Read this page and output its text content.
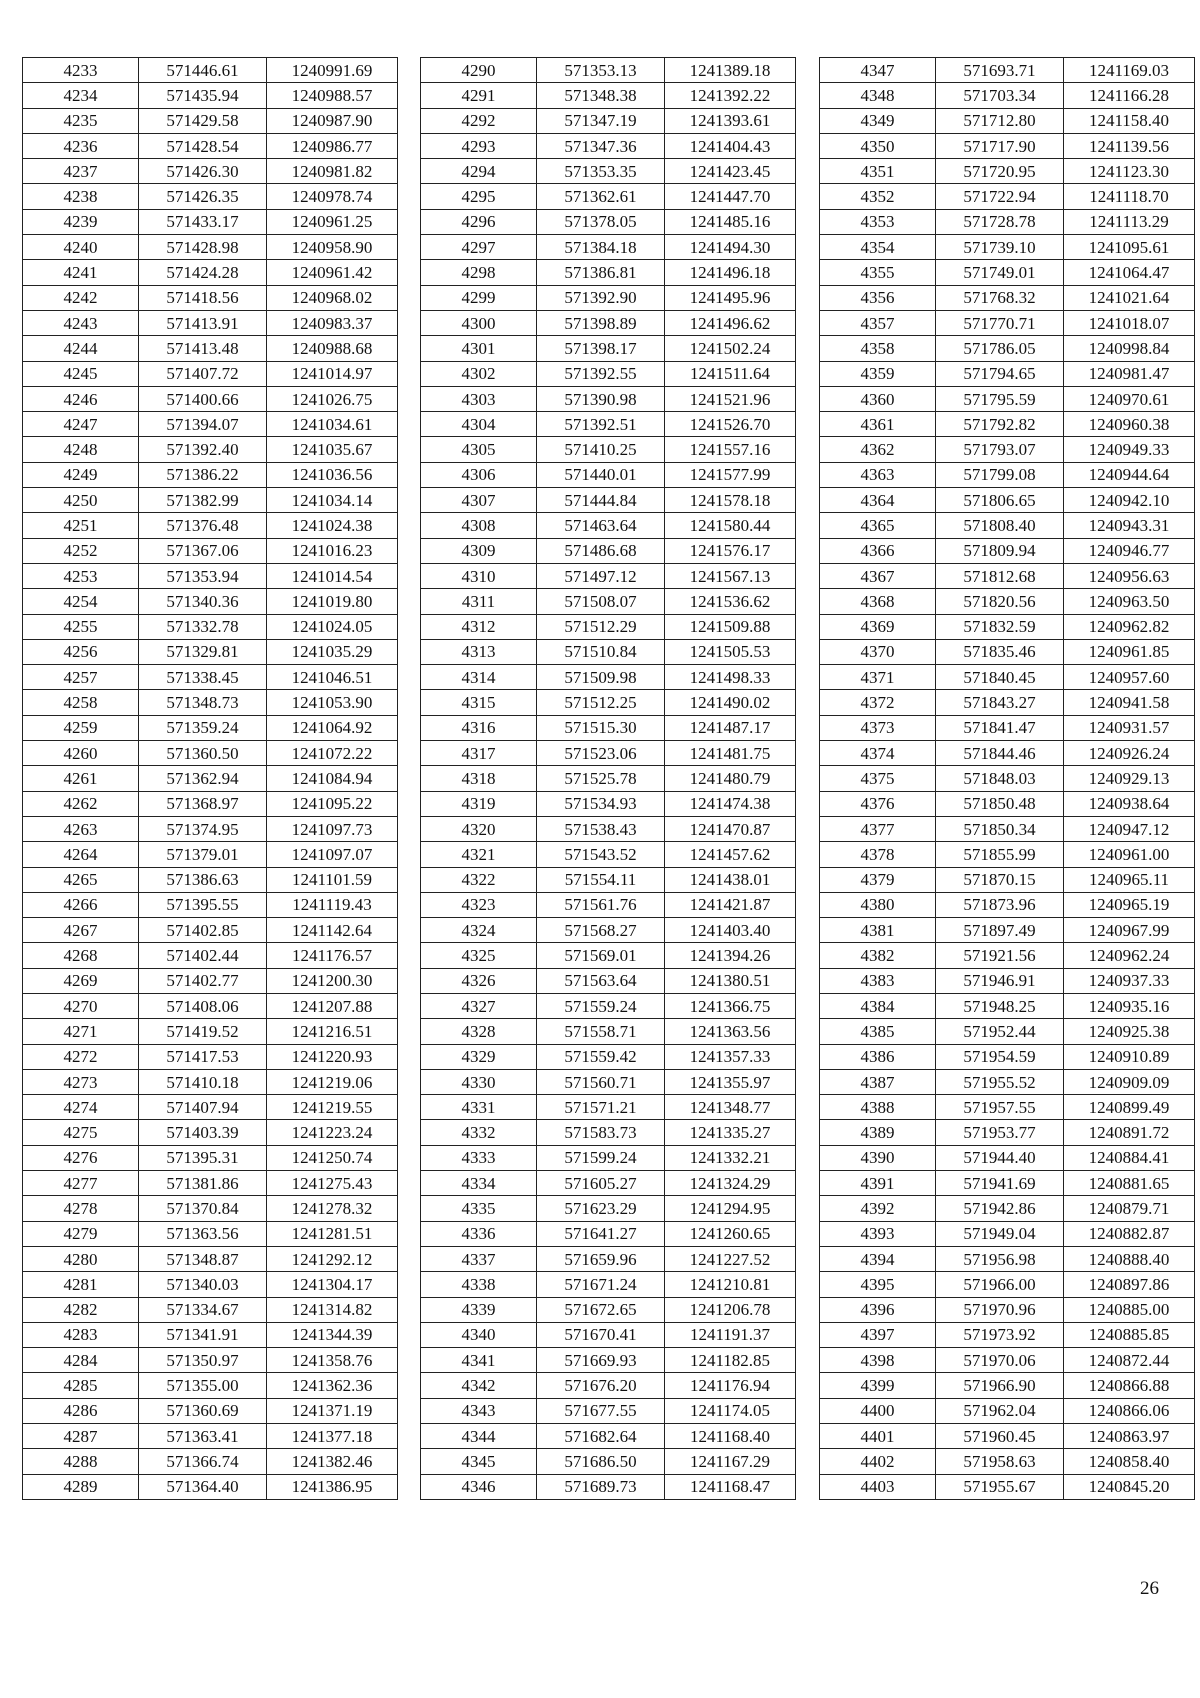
4233	571446.61	1240991.69
4234	571435.94	1240988.57
4235	571429.58	1240987.90
4236	571428.54	1240986.77
4237	571426.30	1240981.82
4238	571426.35	1240978.74
4239	571433.17	1240961.25
4240	571428.98	1240958.90
4241	571424.28	1240961.42
4242	571418.56	1240968.02
4243	571413.91	1240983.37
4244	571413.48	1240988.68
4245	571407.72	1241014.97
4246	571400.66	1241026.75
4247	571394.07	1241034.61
4248	571392.40	1241035.67
4249	571386.22	1241036.56
4250	571382.99	1241034.14
4251	571376.48	1241024.38
4252	571367.06	1241016.23
4253	571353.94	1241014.54
4254	571340.36	1241019.80
4255	571332.78	1241024.05
4256	571329.81	1241035.29
4257	571338.45	1241046.51
4258	571348.73	1241053.90
4259	571359.24	1241064.92
4260	571360.50	1241072.22
4261	571362.94	1241084.94
4262	571368.97	1241095.22
4263	571374.95	1241097.73
4264	571379.01	1241097.07
4265	571386.63	1241101.59
4266	571395.55	1241119.43
4267	571402.85	1241142.64
4268	571402.44	1241176.57
4269	571402.77	1241200.30
4270	571408.06	1241207.88
4271	571419.52	1241216.51
4272	571417.53	1241220.93
4273	571410.18	1241219.06
4274	571407.94	1241219.55
4275	571403.39	1241223.24
4276	571395.31	1241250.74
4277	571381.86	1241275.43
4278	571370.84	1241278.32
4279	571363.56	1241281.51
4280	571348.87	1241292.12
4281	571340.03	1241304.17
4282	571334.67	1241314.82
4283	571341.91	1241344.39
4284	571350.97	1241358.76
4285	571355.00	1241362.36
4286	571360.69	1241371.19
4287	571363.41	1241377.18
4288	571366.74	1241382.46
4289	571364.40	1241386.95
4290	571353.13	1241389.18
4291	571348.38	1241392.22
4292	571347.19	1241393.61
4293	571347.36	1241404.43
4294	571353.35	1241423.45
4295	571362.61	1241447.70
4296	571378.05	1241485.16
4297	571384.18	1241494.30
4298	571386.81	1241496.18
4299	571392.90	1241495.96
4300	571398.89	1241496.62
4301	571398.17	1241502.24
4302	571392.55	1241511.64
4303	571390.98	1241521.96
4304	571392.51	1241526.70
4305	571410.25	1241557.16
4306	571440.01	1241577.99
4307	571444.84	1241578.18
4308	571463.64	1241580.44
4309	571486.68	1241576.17
4310	571497.12	1241567.13
4311	571508.07	1241536.62
4312	571512.29	1241509.88
4313	571510.84	1241505.53
4314	571509.98	1241498.33
4315	571512.25	1241490.02
4316	571515.30	1241487.17
4317	571523.06	1241481.75
4318	571525.78	1241480.79
4319	571534.93	1241474.38
4320	571538.43	1241470.87
4321	571543.52	1241457.62
4322	571554.11	1241438.01
4323	571561.76	1241421.87
4324	571568.27	1241403.40
4325	571569.01	1241394.26
4326	571563.64	1241380.51
4327	571559.24	1241366.75
4328	571558.71	1241363.56
4329	571559.42	1241357.33
4330	571560.71	1241355.97
4331	571571.21	1241348.77
4332	571583.73	1241335.27
4333	571599.24	1241332.21
4334	571605.27	1241324.29
4335	571623.29	1241294.95
4336	571641.27	1241260.65
4337	571659.96	1241227.52
4338	571671.24	1241210.81
4339	571672.65	1241206.78
4340	571670.41	1241191.37
4341	571669.93	1241182.85
4342	571676.20	1241176.94
4343	571677.55	1241174.05
4344	571682.64	1241168.40
4345	571686.50	1241167.29
4346	571689.73	1241168.47
4347	571693.71	1241169.03
4348	571703.34	1241166.28
4349	571712.80	1241158.40
4350	571717.90	1241139.56
4351	571720.95	1241123.30
4352	571722.94	1241118.70
4353	571728.78	1241113.29
4354	571739.10	1241095.61
4355	571749.01	1241064.47
4356	571768.32	1241021.64
4357	571770.71	1241018.07
4358	571786.05	1240998.84
4359	571794.65	1240981.47
4360	571795.59	1240970.61
4361	571792.82	1240960.38
4362	571793.07	1240949.33
4363	571799.08	1240944.64
4364	571806.65	1240942.10
4365	571808.40	1240943.31
4366	571809.94	1240946.77
4367	571812.68	1240956.63
4368	571820.56	1240963.50
4369	571832.59	1240962.82
4370	571835.46	1240961.85
4371	571840.45	1240957.60
4372	571843.27	1240941.58
4373	571841.47	1240931.57
4374	571844.46	1240926.24
4375	571848.03	1240929.13
4376	571850.48	1240938.64
4377	571850.34	1240947.12
4378	571855.99	1240961.00
4379	571870.15	1240965.11
4380	571873.96	1240965.19
4381	571897.49	1240967.99
4382	571921.56	1240962.24
4383	571946.91	1240937.33
4384	571948.25	1240935.16
4385	571952.44	1240925.38
4386	571954.59	1240910.89
4387	571955.52	1240909.09
4388	571957.55	1240899.49
4389	571953.77	1240891.72
4390	571944.40	1240884.41
4391	571941.69	1240881.65
4392	571942.86	1240879.71
4393	571949.04	1240882.87
4394	571956.98	1240888.40
4395	571966.00	1240897.86
4396	571970.96	1240885.00
4397	571973.92	1240885.85
4398	571970.06	1240872.44
4399	571966.90	1240866.88
4400	571962.04	1240866.06
4401	571960.45	1240863.97
4402	571958.63	1240858.40
4403	571955.67	1240845.20
26
